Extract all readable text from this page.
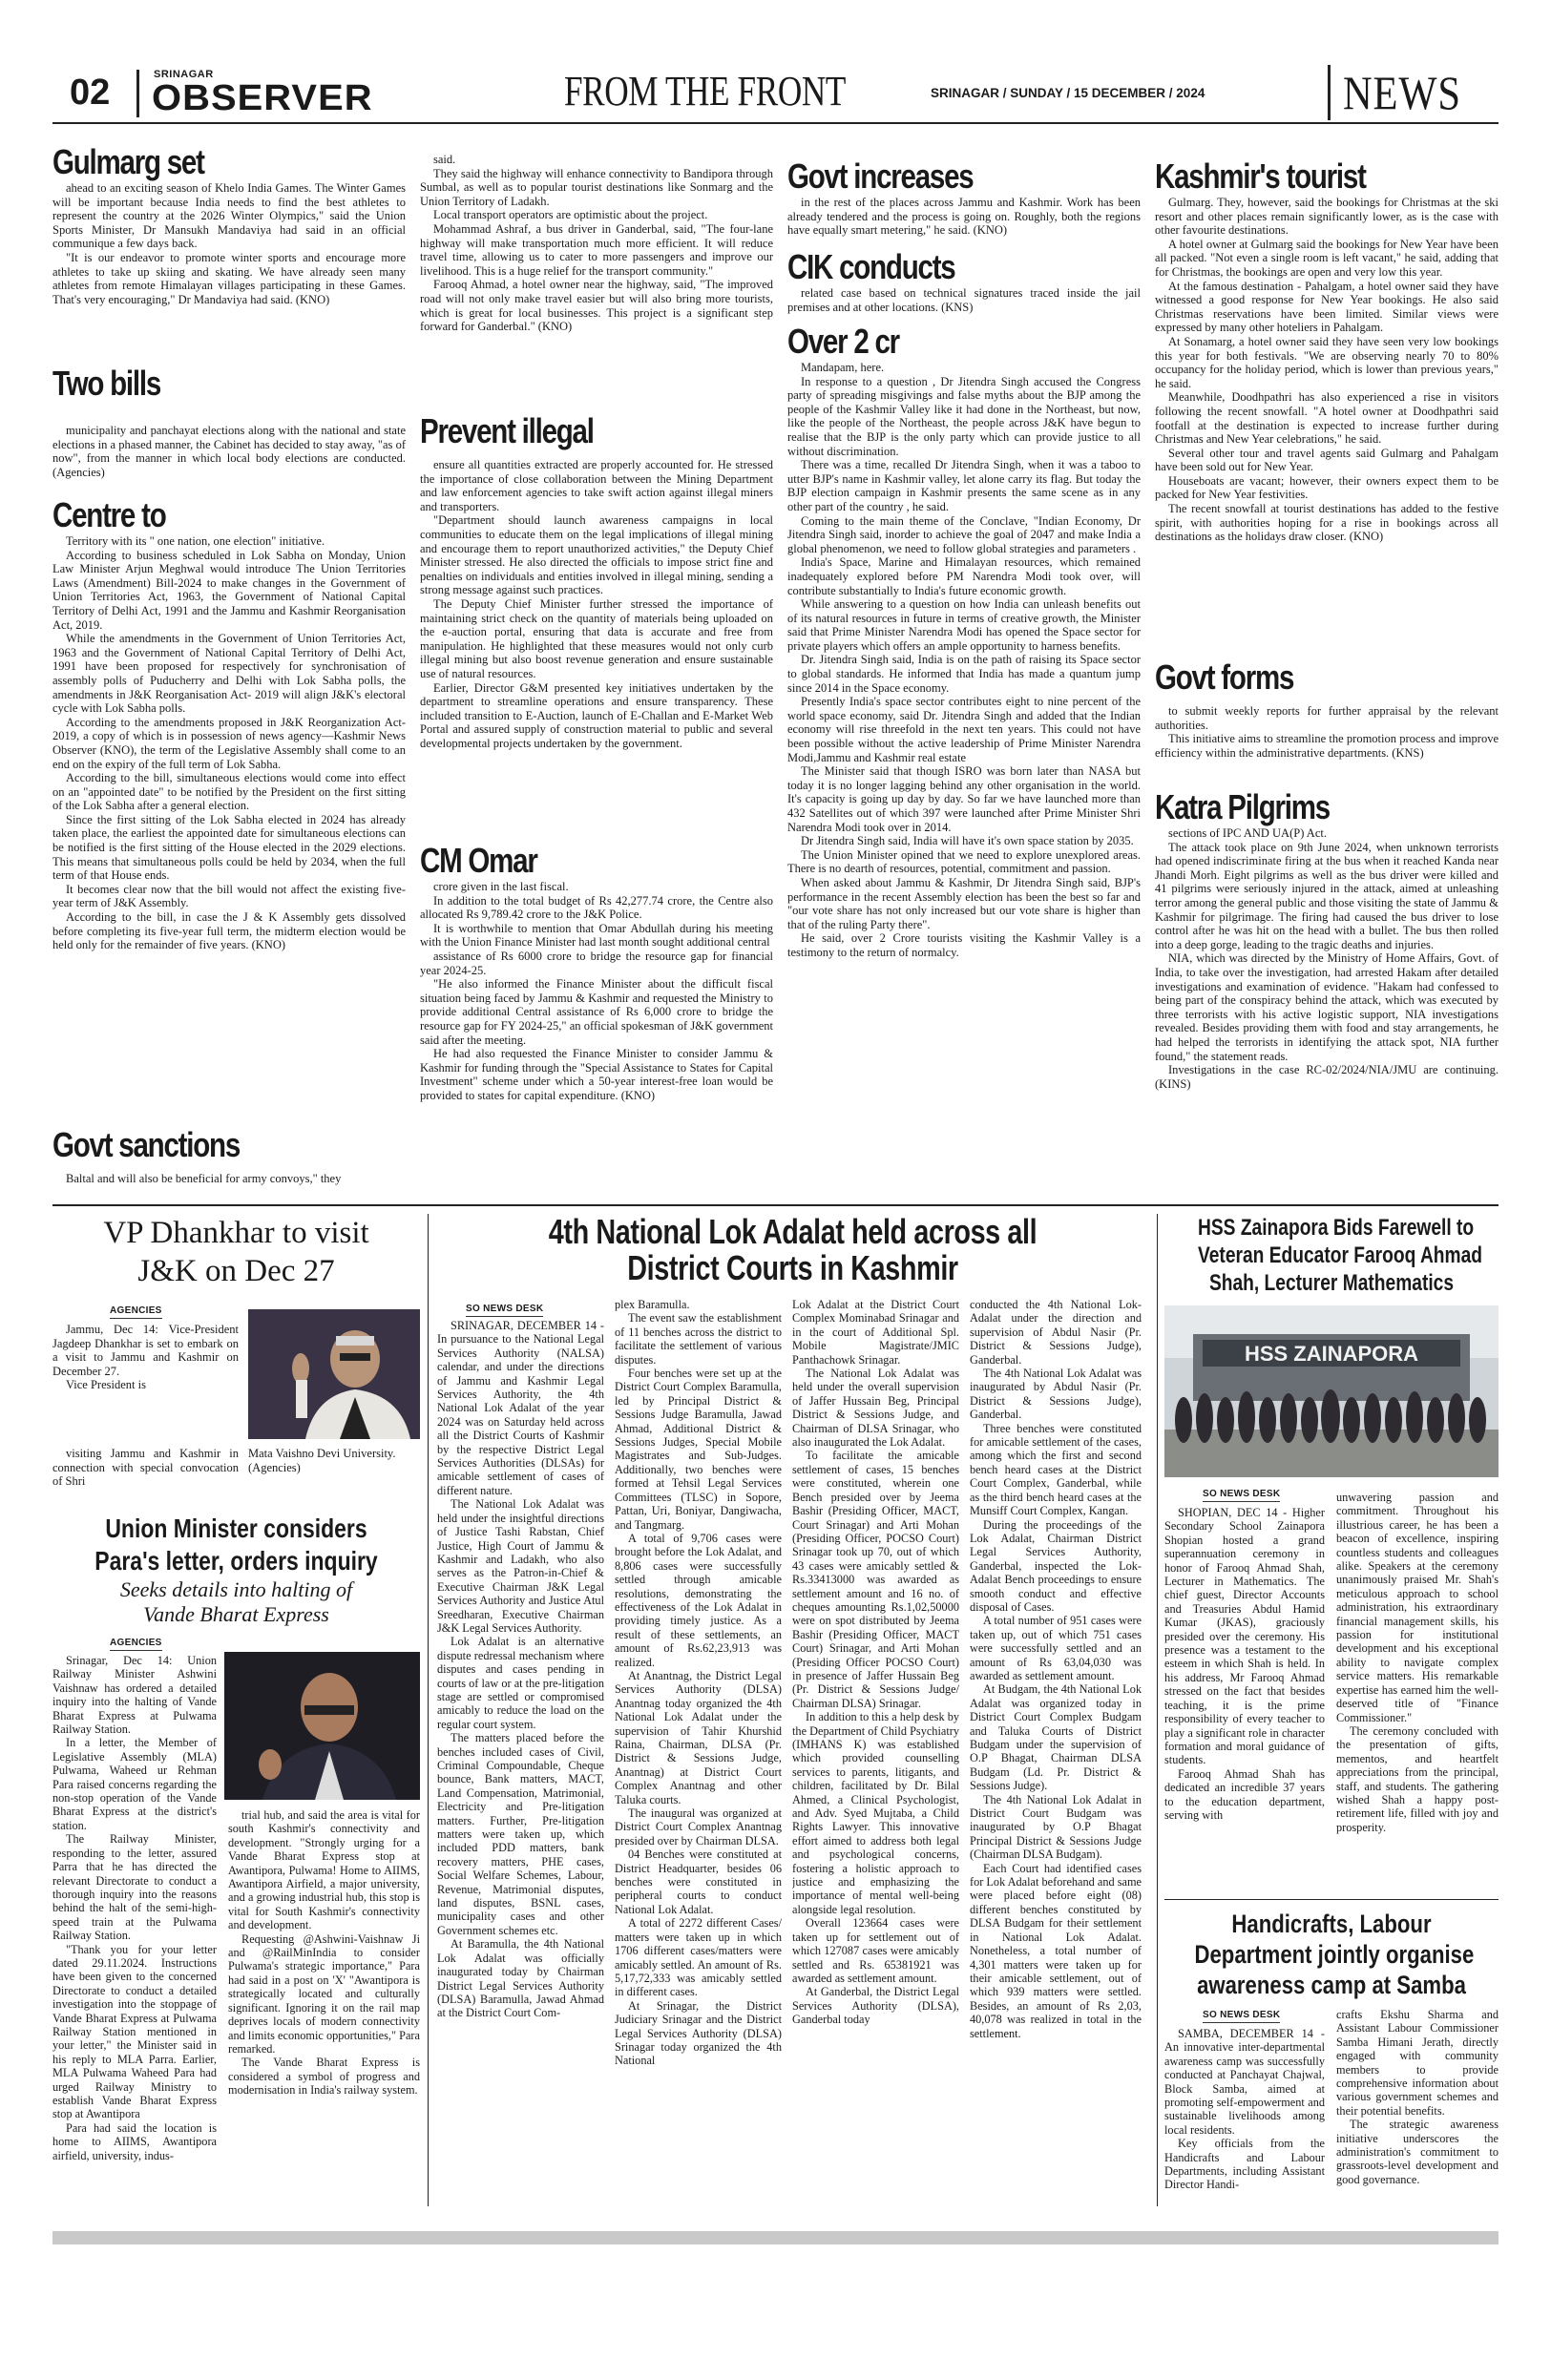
02	SRINAGAR
OBSERVER	FROM THE FRONT	SRINAGAR / SUNDAY / 15 DECEMBER / 2024	NEWS
Gulmarg set

ahead to an exciting season of Khelo India Games. The Winter Games will be important because India needs to find the best athletes to represent the country at the 2026 Winter Olympics," said the Union Sports Minister, Dr Mansukh Mandaviya had said in an official communique a few days back.

"It is our endeavor to promote winter sports and encourage more athletes to take up skiing and skating. We have already seen many athletes from remote Himalayan villages participating in these Games. That's very encouraging," Dr Mandaviya had said. (KNO)

Two bills

municipality and panchayat elections along with the national and state elections in a phased manner, the Cabinet has decided to stay away, "as of now", from the manner in which local body elections are conducted. (Agencies)

Centre to

Territory with its " one nation, one election" initiative.

According to business scheduled in Lok Sabha on Monday, Union Law Minister Arjun Meghwal would introduce The Union Territories Laws (Amendment) Bill-2024 to make changes in the Government of Union Territories Act, 1963, the Government of National Capital Territory of Delhi Act, 1991 and the Jammu and Kashmir Reorganisation Act, 2019.

While the amendments in the Government of Union Territories Act, 1963 and the Government of National Capital Territory of Delhi Act, 1991 have been proposed for respectively for synchronisation of assembly polls of Puducherry and Delhi with Lok Sabha polls, the amendments in J&K Reorganisation Act- 2019 will align J&K's electoral cycle with Lok Sabha polls.

According to the amendments proposed in J&K Reorganization Act-2019, a copy of which is in possession of news agency—Kashmir News Observer (KNO), the term of the Legislative Assembly shall come to an end on the expiry of the full term of Lok Sabha.

According to the bill, simultaneous elections would come into effect on an "appointed date" to be notified by the President on the first sitting of the Lok Sabha after a general election.

Since the first sitting of the Lok Sabha elected in 2024 has already taken place, the earliest the appointed date for simultaneous elections can be notified is the first sitting of the House elected in the 2029 elections. This means that simultaneous polls could be held by 2034, when the full term of that House ends.

It becomes clear now that the bill would not affect the existing five-year term of J&K Assembly.

According to the bill, in case the J & K Assembly gets dissolved before completing its five-year full term, the midterm election would be held only for the remainder of five years. (KNO)

Govt sanctions

Baltal and will also be beneficial for army convoys," they

said.

They said the highway will enhance connectivity to Bandipora through Sumbal, as well as to popular tourist destinations like Sonmarg and the Union Territory of Ladakh.

Local transport operators are optimistic about the project.

Mohammad Ashraf, a bus driver in Ganderbal, said, "The four-lane highway will make transportation much more efficient. It will reduce travel time, allowing us to cater to more passengers and improve our livelihood. This is a huge relief for the transport community."

Farooq Ahmad, a hotel owner near the highway, said, "The improved road will not only make travel easier but will also bring more tourists, which is great for local businesses. This project is a significant step forward for Ganderbal." (KNO)

Prevent illegal

ensure all quantities extracted are properly accounted for. He stressed the importance of close collaboration between the Mining Department and law enforcement agencies to take swift action against illegal miners and transporters.

"Department should launch awareness campaigns in local communities to educate them on the legal implications of illegal mining and encourage them to report unauthorized activities," the Deputy Chief Minister stressed. He also directed the officials to impose strict fine and penalties on individuals and entities involved in illegal mining, sending a strong message against such practices.

The Deputy Chief Minister further stressed the importance of maintaining strict check on the quantity of materials being uploaded on the e-auction portal, ensuring that data is accurate and free from manipulation. He highlighted that these measures would not only curb illegal mining but also boost revenue generation and ensure sustainable use of natural resources.

Earlier, Director G&M presented key initiatives undertaken by the department to streamline operations and ensure transparency. These included transition to E-Auction, launch of E-Challan and E-Market Web Portal and assured supply of construction material to public and several developmental projects undertaken by the government.

CM Omar

crore given in the last fiscal.

In addition to the total budget of Rs 42,277.74 crore, the Centre also allocated Rs 9,789.42 crore to the J&K Police.

It is worthwhile to mention that Omar Abdullah during his meeting with the Union Finance Minister had last month sought additional central

assistance of Rs 6000 crore to bridge the resource gap for financial year 2024-25.

"He also informed the Finance Minister about the difficult fiscal situation being faced by Jammu & Kashmir and requested the Ministry to provide additional Central assistance of Rs 6,000 crore to bridge the resource gap for FY 2024-25," an official spokesman of J&K government said after the meeting.

He had also requested the Finance Minister to consider Jammu & Kashmir for funding through the "Special Assistance to States for Capital Investment" scheme under which a 50-year interest-free loan would be provided to states for capital expenditure. (KNO)

Govt increases

in the rest of the places across Jammu and Kashmir. Work has been already tendered and the process is going on. Roughly, both the regions have equally smart metering," he said. (KNO)

CIK conducts

related case based on technical signatures traced inside the jail premises and at other locations. (KNS)

Over 2 cr

Mandapam, here.

In response to a question , Dr Jitendra Singh accused the Congress party of spreading misgivings and false myths about the BJP among the people of the Kashmir Valley like it had done in the Northeast, but now, like the people of the Northeast, the people across J&K have begun to realise that the BJP is the only party which can provide justice to all without discrimination.

There was a time, recalled Dr Jitendra Singh, when it was a taboo to utter BJP's name in Kashmir valley, let alone carry its flag. But today the BJP election campaign in Kashmir presents the same scene as in any other part of the country , he said.

Coming to the main theme of the Conclave, "Indian Economy, Dr Jitendra Singh said, inorder to achieve the goal of 2047 and make India a global phenomenon, we need to follow global strategies and parameters .

India's Space, Marine and Himalayan resources, which remained inadequately explored before PM Narendra Modi took over, will contribute substantially to India's future economic growth.

While answering to a question on how India can unleash benefits out of its natural resources in future in terms of creative growth, the Minister said that Prime Minister Narendra Modi has opened the Space sector for private players which offers an ample opportunity to harness benefits.

Dr. Jitendra Singh said, India is on the path of raising its Space sector to global standards. He informed that India has made a quantum jump since 2014 in the Space economy.

Presently India's space sector contributes eight to nine percent of the world space economy, said Dr. Jitendra Singh and added that the Indian economy will rise threefold in the next ten years. This could not have been possible without the active leadership of Prime Minister Narendra Modi,Jammu and Kashmir real estate

The Minister said that though ISRO was born later than NASA but today it is no longer lagging behind any other organisation in the world. It's capacity is going up day by day. So far we have launched more than 432 Satellites out of which 397 were launched after Prime Minister Shri Narendra Modi took over in 2014.

Dr Jitendra Singh said, India will have it's own space station by 2035.

The Union Minister opined that we need to explore unexplored areas. There is no dearth of resources, potential, commitment and passion.

When asked about Jammu & Kashmir, Dr Jitendra Singh said, BJP's performance in the recent Assembly election has been the best so far and "our vote share has not only increased but our vote share is higher than that of the ruling Party there".

He said, over 2 Crore tourists visiting the Kashmir Valley is a testimony to the return of normalcy.

Kashmir's tourist

Gulmarg. They, however, said the bookings for Christmas at the ski resort and other places remain significantly lower, as is the case with other favourite destinations.

A hotel owner at Gulmarg said the bookings for New Year have been all packed. "Not even a single room is left vacant," he said, adding that for Christmas, the bookings are open and very low this year.

At the famous destination - Pahalgam, a hotel owner said they have witnessed a good response for New Year bookings. He also said Christmas reservations have been limited. Similar views were expressed by many other hoteliers in Pahalgam.

At Sonamarg, a hotel owner said they have seen very low bookings this year for both festivals. "We are observing nearly 70 to 80% occupancy for the holiday period, which is lower than previous years," he said.

Meanwhile, Doodhpathri has also experienced a rise in visitors following the recent snowfall. "A hotel owner at Doodhpathri said footfall at the destination is expected to increase further during Christmas and New Year celebrations," he said.

Several other tour and travel agents said Gulmarg and Pahalgam have been sold out for New Year.

Houseboats are vacant; however, their owners expect them to be packed for New Year festivities.

The recent snowfall at tourist destinations has added to the festive spirit, with authorities hoping for a rise in bookings across all destinations as the holidays draw closer. (KNO)

Govt forms

to submit weekly reports for further appraisal by the relevant authorities.

This initiative aims to streamline the promotion process and improve efficiency within the administrative departments. (KNS)

Katra Pilgrims

sections of IPC AND UA(P) Act.

The attack took place on 9th June 2024, when unknown terrorists had opened indiscriminate firing at the bus when it reached Kanda near Jhandi Morh. Eight pilgrims as well as the bus driver were killed and 41 pilgrims were seriously injured in the attack, aimed at unleashing terror among the general public and those visiting the state of Jammu & Kashmir for pilgrimage. The firing had caused the bus driver to lose control after he was hit on the head with a bullet. The bus then rolled into a deep gorge, leading to the tragic deaths and injuries.

NIA, which was directed by the Ministry of Home Affairs, Govt. of India, to take over the investigation, had arrested Hakam after detailed investigations and examination of evidence. "Hakam had confessed to being part of the conspiracy behind the attack, which was executed by three terrorists with his active logistic support, NIA investigations revealed. Besides providing them with food and stay arrangements, he had helped the terrorists in identifying the attack spot, NIA further found," the statement reads.

Investigations in the case RC-02/2024/NIA/JMU are continuing. (KINS)

VP Dhankhar to visit
J&K on Dec 27
AGENCIES

Jammu, Dec 14: Vice-President Jagdeep Dhankhar is set to embark on a visit to Jammu and Kashmir on December 27.

Vice President is

visiting Jammu and Kashmir in connection with special convocation of Shri

Mata Vaishno Devi University. (Agencies)

Union Minister considers
Para's letter, orders inquiry
Seeks details into halting of
Vande Bharat Express
AGENCIES

Srinagar, Dec 14: Union Railway Minister Ashwini Vaishnaw has ordered a detailed inquiry into the halting of Vande Bharat Express at Pulwama Railway Station.

In a letter, the Member of Legislative Assembly (MLA) Pulwama, Waheed ur Rehman Para raised concerns regarding the non-stop operation of the Vande Bharat Express at the district's station.

The Railway Minister, responding to the letter, assured Parra that he has directed the relevant Directorate to conduct a thorough inquiry into the reasons behind the halt of the semi-high-speed train at the Pulwama Railway Station.

"Thank you for your letter dated 29.11.2024. Instructions have been given to the concerned Directorate to conduct a detailed investigation into the stoppage of Vande Bharat Express at Pulwama Railway Station mentioned in your letter," the Minister said in his reply to MLA Parra. Earlier, MLA Pulwama Waheed Para had urged Railway Ministry to establish Vande Bharat Express stop at Awantipora

Para had said the location is home to AIIMS, Awantipora airfield, university, indus-

trial hub, and said the area is vital for south Kashmir's connectivity and development. "Strongly urging for a Vande Bharat Express stop at Awantipora, Pulwama! Home to AIIMS, Awantipora Airfield, a major university, and a growing industrial hub, this stop is vital for South Kashmir's connectivity and development.

Requesting @Ashwini-Vaishnaw Ji and @RailMinIndia to consider Pulwama's strategic importance," Para had said in a post on 'X' "Awantipora is strategically located and culturally significant. Ignoring it on the rail map deprives locals of modern connectivity and limits economic opportunities," Para remarked.

The Vande Bharat Express is considered a symbol of progress and modernisation in India's railway system.

4th National Lok Adalat held across all
District Courts in Kashmir
SO NEWS DESK

SRINAGAR, DECEMBER 14 - In pursuance to the National Legal Services Authority (NALSA) calendar, and under the directions of Jammu and Kashmir Legal Services Authority, the 4th National Lok Adalat of the year 2024 was on Saturday held across all the District Courts of Kashmir by the respective District Legal Services Authorities (DLSAs) for amicable settlement of cases of different nature.

The National Lok Adalat was held under the insightful directions of Justice Tashi Rabstan, Chief Justice, High Court of Jammu & Kashmir and Ladakh, who also serves as the Patron-in-Chief & Executive Chairman J&K Legal Services Authority and Justice Atul Sreedharan, Executive Chairman J&K Legal Services Authority.

Lok Adalat is an alternative dispute redressal mechanism where disputes and cases pending in courts of law or at the pre-litigation stage are settled or compromised amicably to reduce the load on the regular court system.

The matters placed before the benches included cases of Civil, Criminal Compoundable, Cheque bounce, Bank matters, MACT, Land Compensation, Matrimonial, Electricity and Pre-litigation matters. Further, Pre-litigation matters were taken up, which included PDD matters, bank recovery matters, PHE cases, Social Welfare Schemes, Labour, Revenue, Matrimonial disputes, land disputes, BSNL cases, municipality cases and other Government schemes etc.

At Baramulla, the 4th National Lok Adalat was officially inaugurated today by Chairman District Legal Services Authority (DLSA) Baramulla, Jawad Ahmad at the District Court Com-

plex Baramulla.

The event saw the establishment of 11 benches across the district to facilitate the settlement of various disputes.

Four benches were set up at the District Court Complex Baramulla, led by Principal District & Sessions Judge Baramulla, Jawad Ahmad, Additional District & Sessions Judges, Special Mobile Magistrates and Sub-Judges. Additionally, two benches were formed at Tehsil Legal Services Committees (TLSC) in Sopore, Pattan, Uri, Boniyar, Dangiwacha, and Tangmarg.

A total of 9,706 cases were brought before the Lok Adalat, and 8,806 cases were successfully settled through amicable resolutions, demonstrating the effectiveness of the Lok Adalat in providing timely justice. As a result of these settlements, an amount of Rs.62,23,913 was realized.

At Anantnag, the District Legal Services Authority (DLSA) Anantnag today organized the 4th National Lok Adalat under the supervision of Tahir Khurshid Raina, Chairman, DLSA (Pr. District & Sessions Judge, Anantnag) at District Court Complex Anantnag and other Taluka courts.

The inaugural was organized at District Court Complex Anantnag presided over by Chairman DLSA.

04 Benches were constituted at District Headquarter, besides 06 benches were constituted in peripheral courts to conduct National Lok Adalat.

A total of 2272 different Cases/ matters were taken up in which 1706 different cases/matters were amicably settled. An amount of Rs. 5,17,72,333 was amicably settled in different cases.

At Srinagar, the District Judiciary Srinagar and the District Legal Services Authority (DLSA) Srinagar today organized the 4th National

Lok Adalat at the District Court Complex Mominabad Srinagar and in the court of Additional Spl. Mobile Magistrate/JMIC Panthachowk Srinagar.

The National Lok Adalat was held under the overall supervision of Jaffer Hussain Beg, Principal District & Sessions Judge, and Chairman of DLSA Srinagar, who also inaugurated the Lok Adalat.

To facilitate the amicable settlement of cases, 15 benches were constituted, wherein one Bench presided over by Jeema Bashir (Presiding Officer, MACT, Court Srinagar) and Arti Mohan (Presiding Officer, POCSO Court) Srinagar took up 70, out of which 43 cases were amicably settled & Rs.33413000 was awarded as settlement amount and 16 no. of cheques amounting Rs.1,02,50000 were on spot distributed by Jeema Bashir (Presiding Officer, MACT Court) Srinagar, and Arti Mohan (Presiding Officer POCSO Court) in presence of Jaffer Hussain Beg (Pr. District & Sessions Judge/ Chairman DLSA) Srinagar.

In addition to this a help desk by the Department of Child Psychiatry (IMHANS K) was established which provided counselling services to parents, litigants, and children, facilitated by Dr. Bilal Ahmed, a Clinical Psychologist, and Adv. Syed Mujtaba, a Child Rights Lawyer. This innovative effort aimed to address both legal and psychological concerns, fostering a holistic approach to justice and emphasizing the importance of mental well-being alongside legal resolution.

Overall 123664 cases were taken up for settlement out of which 127087 cases were amicably settled and Rs. 65381921 was awarded as settlement amount.

At Ganderbal, the District Legal Services Authority (DLSA), Ganderbal today

conducted the 4th National Lok-Adalat under the direction and supervision of Abdul Nasir (Pr. District & Sessions Judge), Ganderbal.

The 4th National Lok Adalat was inaugurated by Abdul Nasir (Pr. District & Sessions Judge), Ganderbal.

Three benches were constituted for amicable settlement of the cases, among which the first and second bench heard cases at the District Court Complex, Ganderbal, while as the third bench heard cases at the Munsiff Court Complex, Kangan.

During the proceedings of the Lok Adalat, Chairman District Legal Services Authority, Ganderbal, inspected the Lok-Adalat Bench proceedings to ensure smooth conduct and effective disposal of Cases.

A total number of 951 cases were taken up, out of which 751 cases were successfully settled and an amount of Rs 63,04,030 was awarded as settlement amount.

At Budgam, the 4th National Lok Adalat was organized today in District Court Complex Budgam and Taluka Courts of District Budgam under the supervision of O.P Bhagat, Chairman DLSA Budgam (Ld. Pr. District & Sessions Judge).

The 4th National Lok Adalat in District Court Budgam was inaugurated by O.P Bhagat Principal District & Sessions Judge (Chairman DLSA Budgam).

Each Court had identified cases for Lok Adalat beforehand and same were placed before eight (08) different benches constituted by DLSA Budgam for their settlement in National Lok Adalat. Nonetheless, a total number of 4,301 matters were taken up for their amicable settlement, out of which 939 matters were settled. Besides, an amount of Rs 2,03, 40,078 was realized in total in the settlement.

HSS Zainapora Bids Farewell to
Veteran Educator Farooq Ahmad
Shah, Lecturer Mathematics
HSS ZAINAPORA
SO NEWS DESK

SHOPIAN, DEC 14 - Higher Secondary School Zainapora Shopian hosted a grand superannuation ceremony in honor of Farooq Ahmad Shah, Lecturer in Mathematics. The chief guest, Director Accounts and Treasuries Abdul Hamid Kumar (JKAS), graciously presided over the ceremony. His presence was a testament to the esteem in which Shah is held. In his address, Mr Farooq Ahmad stressed on the fact that besides teaching, it is the prime responsibility of every teacher to play a significant role in character formation and moral guidance of students.

Farooq Ahmad Shah has dedicated an incredible 37 years to the education department, serving with

unwavering passion and commitment. Throughout his illustrious career, he has been a beacon of excellence, inspiring countless students and colleagues alike. Speakers at the ceremony unanimously praised Mr. Shah's meticulous approach to school administration, his extraordinary financial management skills, his passion for institutional development and his exceptional ability to navigate complex service matters. His remarkable expertise has earned him the well-deserved title of "Finance Commissioner."

The ceremony concluded with the presentation of gifts, mementos, and heartfelt appreciations from the principal, staff, and students. The gathering wished Shah a happy post-retirement life, filled with joy and prosperity.

Handicrafts, Labour
Department jointly organise
awareness camp at Samba
SO NEWS DESK

SAMBA, DECEMBER 14 - An innovative inter-departmental awareness camp was successfully conducted at Panchayat Chajwal, Block Samba, aimed at promoting self-empowerment and sustainable livelihoods among local residents.

Key officials from the Handicrafts and Labour Departments, including Assistant Director Handi-

crafts Ekshu Sharma and Assistant Labour Commissioner Samba Himani Jerath, directly engaged with community members to provide comprehensive information about various government schemes and their potential benefits.

The strategic awareness initiative underscores the administration's commitment to grassroots-level development and good governance.
